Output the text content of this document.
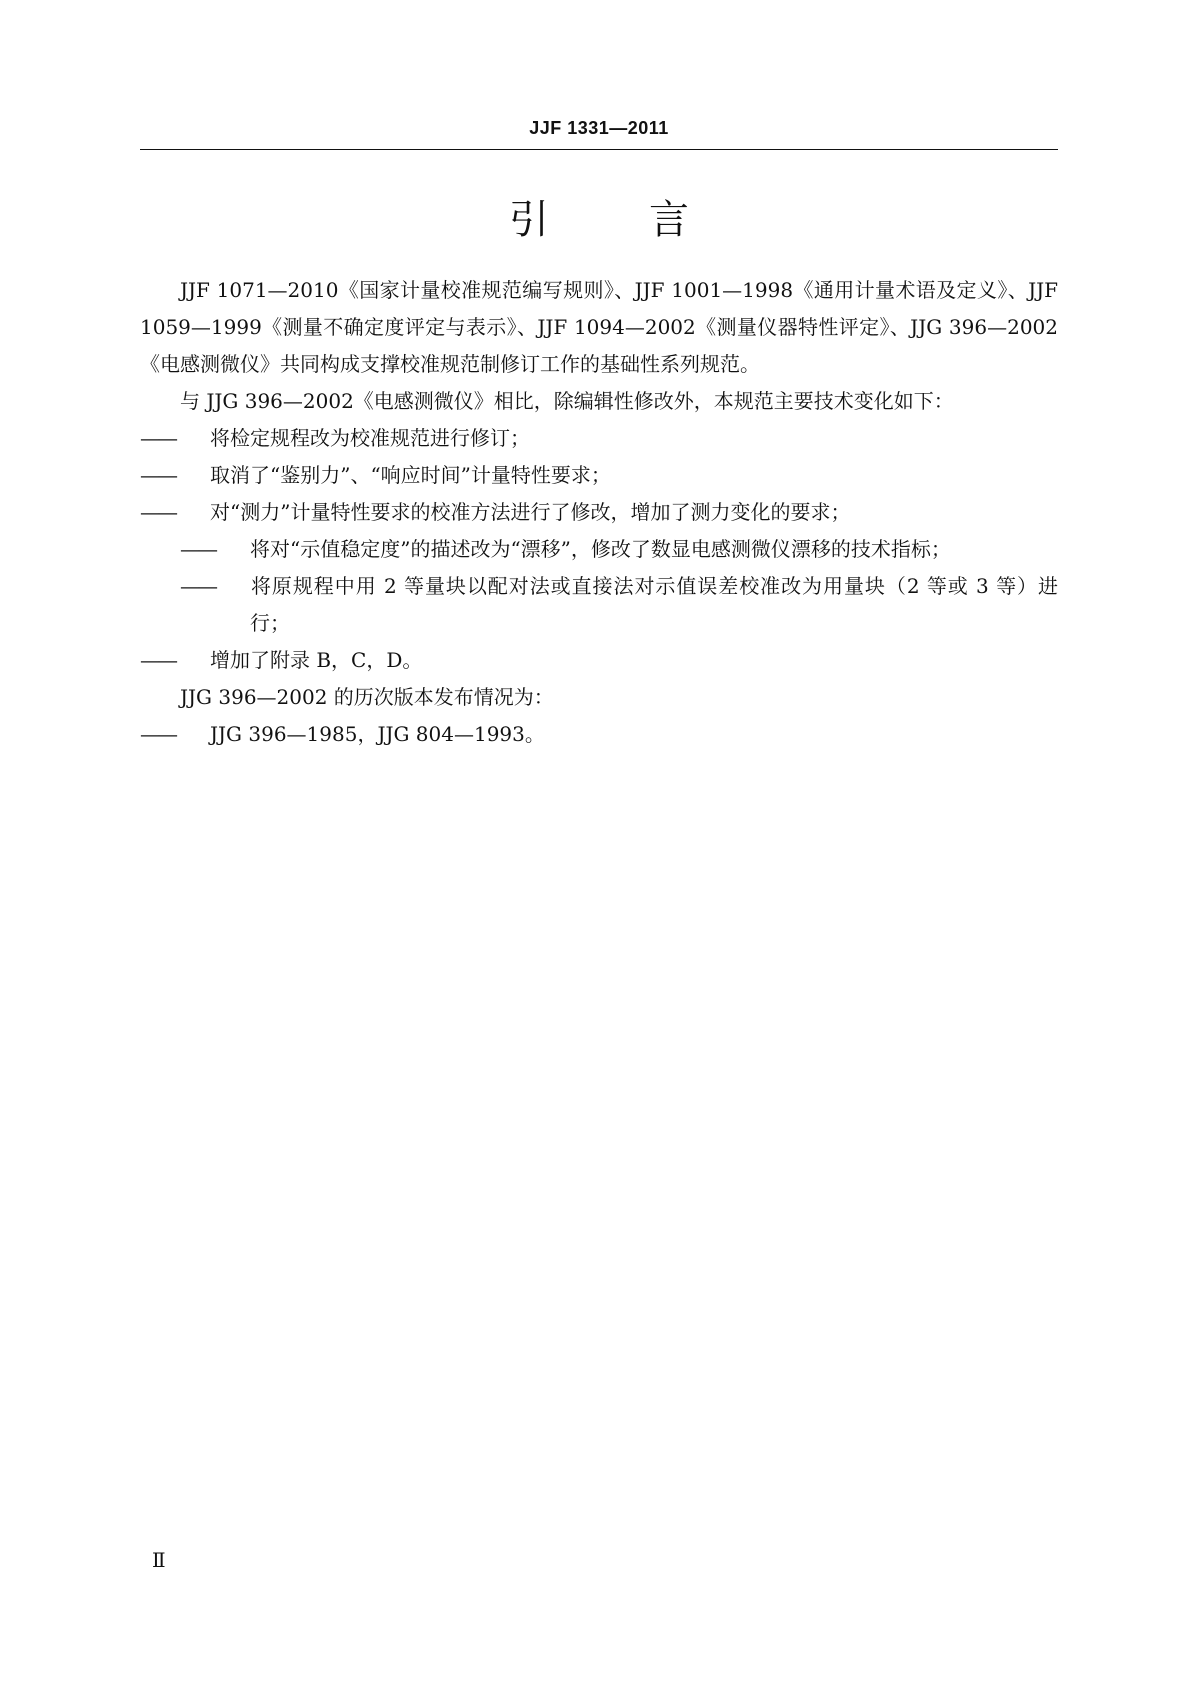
JJF 1331—2011
引	言

JJF 1071—2010《国家计量校准规范编写规则》、JJF 1001—1998《通用计量术语及定义》、JJF 1059—1999《测量不确定度评定与表示》、JJF 1094—2002《测量仪器特性评定》、JJG 396—2002《电感测微仪》共同构成支撑校准规范制修订工作的基础性系列规范。

与 JJG 396—2002《电感测微仪》相比，除编辑性修改外，本规范主要技术变化如下：

—— 将检定规程改为校准规范进行修订；

—— 取消了“鉴别力”、“响应时间”计量特性要求；

—— 对“测力”计量特性要求的校准方法进行了修改，增加了测力变化的要求；

—— 将对“示值稳定度”的描述改为“漂移”，修改了数显电感测微仪漂移的技术指标；

—— 将原规程中用 2 等量块以配对法或直接法对示值误差校准改为用量块（2 等或 3 等）进行；

—— 增加了附录 B，C，D。

JJG 396—2002 的历次版本发布情况为：

—— JJG 396—1985，JJG 804—1993。

Ⅱ
